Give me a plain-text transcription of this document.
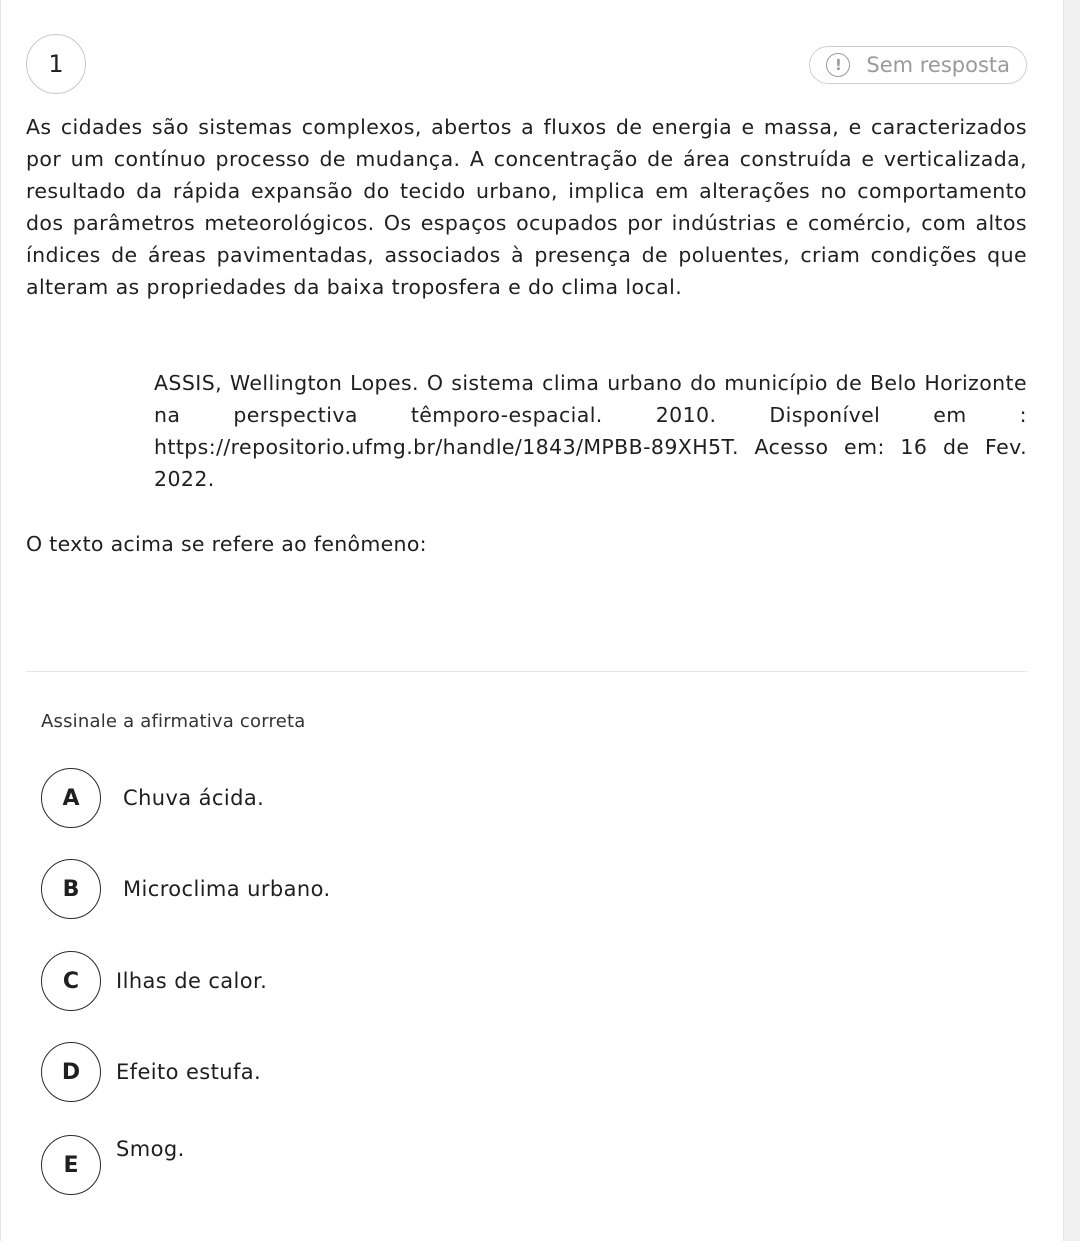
1	!	Sem resposta

As cidades são sistemas complexos, abertos a fluxos de energia e massa, e caracterizados por um contínuo processo de mudança. A concentração de área construída e verticalizada, resultado da rápida expansão do tecido urbano, implica em alterações no comportamento dos parâmetros meteorológicos. Os espaços ocupados por indústrias e comércio, com altos índices de áreas pavimentadas, associados à presença de poluentes, criam condições que alteram as propriedades da baixa troposfera e do clima local.

ASSIS, Wellington Lopes. O sistema clima urbano do município de Belo Horizonte na perspectiva têmporo-espacial. 2010. Disponível em : https://repositorio.ufmg.br/handle/1843/MPBB-89XH5T. Acesso em: 16 de Fev. 2022.

O texto acima se refere ao fenômeno:

Assinale a afirmativa correta

A	Chuva ácida.
B	Microclima urbano.
C	Ilhas de calor.
D	Efeito estufa.
E
Smog.
